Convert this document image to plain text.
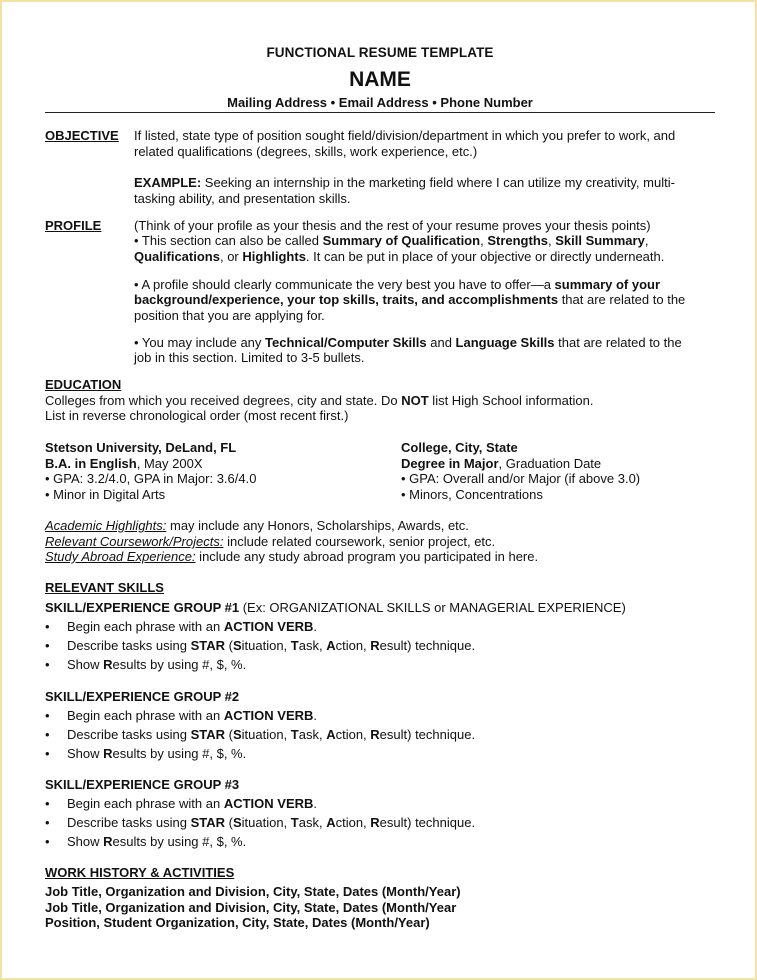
FUNCTIONAL RESUME TEMPLATE
NAME
Mailing Address • Email Address • Phone Number
OBJECTIVE If listed, state type of position sought field/division/department in which you prefer to work, and
related qualifications (degrees, skills, work experience, etc.)
EXAMPLE: Seeking an internship in the marketing field where I can utilize my creativity, multi-
tasking ability, and presentation skills.
PROFILE	(Think of your profile as your thesis and the rest of your resume proves your thesis points)
• This section can also be called Summary of Qualification, Strengths, Skill Summary,
Qualifications, or Highlights. It can be put in place of your objective or directly underneath.
• A profile should clearly communicate the very best you have to offer—a summary of your
background/experience, your top skills, traits, and accomplishments that are related to the
position that you are applying for.
• You may include any Technical/Computer Skills and Language Skills that are related to the
job in this section. Limited to 3-5 bullets.
EDUCATION
Colleges from which you received degrees, city and state. Do NOT list High School information.
List in reverse chronological order (most recent first.)
Stetson University, DeLand, FL
B.A. in English, May 200X
• GPA: 3.2/4.0, GPA in Major: 3.6/4.0
• Minor in Digital Arts
College, City, State
Degree in Major, Graduation Date
• GPA: Overall and/or Major (if above 3.0)
• Minors, Concentrations
Academic Highlights: may include any Honors, Scholarships, Awards, etc.
Relevant Coursework/Projects: include related coursework, senior project, etc.
Study Abroad Experience: include any study abroad program you participated in here.
RELEVANT SKILLS
SKILL/EXPERIENCE GROUP #1 (Ex: ORGANIZATIONAL SKILLS or MANAGERIAL EXPERIENCE)
• Begin each phrase with an ACTION VERB.
• Describe tasks using STAR (Situation, Task, Action, Result) technique.
• Show Results by using #, $, %.
SKILL/EXPERIENCE GROUP #2
• Begin each phrase with an ACTION VERB.
• Describe tasks using STAR (Situation, Task, Action, Result) technique.
• Show Results by using #, $, %.
SKILL/EXPERIENCE GROUP #3
• Begin each phrase with an ACTION VERB.
• Describe tasks using STAR (Situation, Task, Action, Result) technique.
• Show Results by using #, $, %.
WORK HISTORY & ACTIVITIES
Job Title, Organization and Division, City, State, Dates (Month/Year)
Job Title, Organization and Division, City, State, Dates (Month/Year
Position, Student Organization, City, State, Dates (Month/Year)
